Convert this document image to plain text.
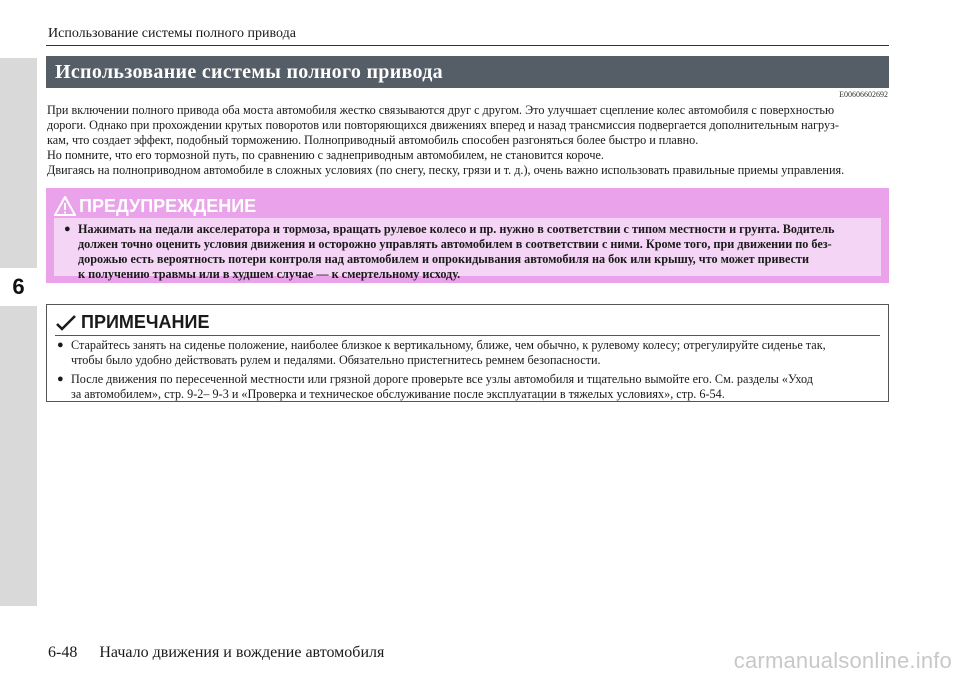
6
Использование системы полного привода
Использование системы полного привода
E00606602692

При включении полного привода оба моста автомобиля жестко связываются друг с другом. Это улучшает сцепление колес автомобиля с поверхностью

дороги. Однако при прохождении крутых поворотов или повторяющихся движениях вперед и назад трансмиссия подвергается дополнительным нагруз-

кам, что создает эффект, подобный торможению. Полноприводный автомобиль способен разгоняться более быстро и плавно.

Но помните, что его тормозной путь, по сравнению с заднеприводным автомобилем, не становится короче.

Двигаясь на полноприводном автомобиле в сложных условиях (по снегу, песку, грязи и т. д.), очень важно использовать правильные приемы управления.

ПРЕДУПРЕЖДЕНИЕ
● Нажимать на педали акселератора и тормоза, вращать рулевое колесо и пр. нужно в соответствии с типом местности и грунта. Водитель
должен точно оценить условия движения и осторожно управлять автомобилем в соответствии с ними. Кроме того, при движении по без-
дорожью есть вероятность потери контроля над автомобилем и опрокидывания автомобиля на бок или крышу, что может привести
к получению травмы или в худшем случае — к смертельному исходу.
ПРИМЕЧАНИЕ
● Старайтесь занять на сиденье положение, наиболее близкое к вертикальному, ближе, чем обычно, к рулевому колесу; отрегулируйте сиденье так,
чтобы было удобно действовать рулем и педалями. Обязательно пристегнитесь ремнем безопасности.
● После движения по пересеченной местности или грязной дороге проверьте все узлы автомобиля и тщательно вымойте его. См. разделы «Уход
за автомобилем», стр. 9-2– 9-3 и «Проверка и техническое обслуживание после эксплуатации в тяжелых условиях», стр. 6-54.
6-48 Начало движения и вождение автомобиля	carmanualsonline.info
